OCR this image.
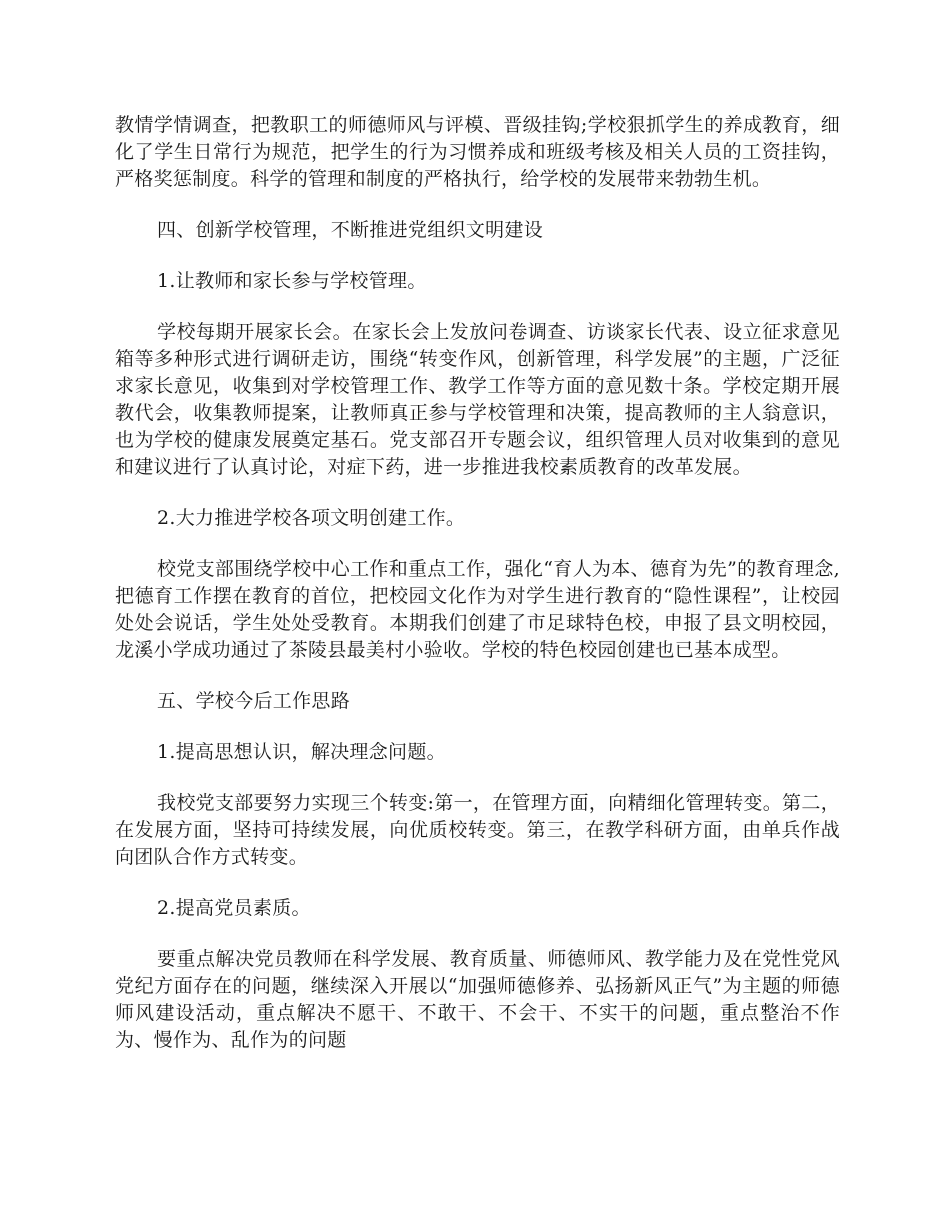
教情学情调查，把教职工的师德师风与评模、晋级挂钩;学校狠抓学生的养成教育，细化了学生日常行为规范，把学生的行为习惯养成和班级考核及相关人员的工资挂钩，严格奖惩制度。科学的管理和制度的严格执行，给学校的发展带来勃勃生机。

四、创新学校管理，不断推进党组织文明建设

1.让教师和家长参与学校管理。

学校每期开展家长会。在家长会上发放问卷调查、访谈家长代表、设立征求意见箱等多种形式进行调研走访，围绕“转变作风，创新管理，科学发展”的主题，广泛征求家长意见，收集到对学校管理工作、教学工作等方面的意见数十条。学校定期开展教代会，收集教师提案，让教师真正参与学校管理和决策，提高教师的主人翁意识，也为学校的健康发展奠定基石。党支部召开专题会议，组织管理人员对收集到的意见和建议进行了认真讨论，对症下药，进一步推进我校素质教育的改革发展。

2.大力推进学校各项文明创建工作。

校党支部围绕学校中心工作和重点工作，强化“育人为本、德育为先”的教育理念,把德育工作摆在教育的首位，把校园文化作为对学生进行教育的“隐性课程”，让校园处处会说话，学生处处受教育。本期我们创建了市足球特色校，申报了县文明校园，龙溪小学成功通过了茶陵县最美村小验收。学校的特色校园创建也已基本成型。

五、学校今后工作思路

1.提高思想认识，解决理念问题。

我校党支部要努力实现三个转变:第一，在管理方面，向精细化管理转变。第二，在发展方面，坚持可持续发展，向优质校转变。第三，在教学科研方面，由单兵作战向团队合作方式转变。

2.提高党员素质。

要重点解决党员教师在科学发展、教育质量、师德师风、教学能力及在党性党风党纪方面存在的问题，继续深入开展以“加强师德修养、弘扬新风正气”为主题的师德师风建设活动，重点解决不愿干、不敢干、不会干、不实干的问题，重点整治不作为、慢作为、乱作为的问题
